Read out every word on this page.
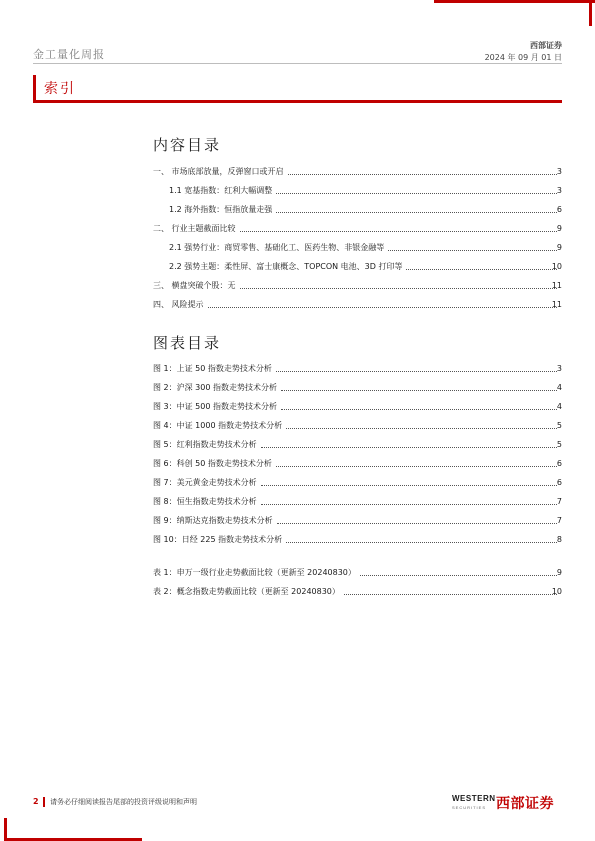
金工量化周报
西部证券
2024 年 09 月 01 日
索引
内容目录
一、 市场底部放量，反弹窗口或开启	3
1.1 宽基指数：红利大幅调整	3
1.2 海外指数：恒指放量走强	6
二、 行业主题截面比较	9
2.1 强势行业：商贸零售、基础化工、医药生物、非银金融等	9
2.2 强势主题：柔性屏、富士康概念、TOPCON 电池、3D 打印等	10
三、 横盘突破个股：无	11
四、 风险提示	11
图表目录
图 1：上证 50 指数走势技术分析	3
图 2：沪深 300 指数走势技术分析	4
图 3：中证 500 指数走势技术分析	4
图 4：中证 1000 指数走势技术分析	5
图 5：红利指数走势技术分析	5
图 6：科创 50 指数走势技术分析	6
图 7：美元黄金走势技术分析	6
图 8：恒生指数走势技术分析	7
图 9：纳斯达克指数走势技术分析	7
图 10：日经 225 指数走势技术分析	8
表 1：申万一级行业走势截面比较（更新至 20240830）	9
表 2：概念指数走势截面比较（更新至 20240830）	10
2 请务必仔细阅读报告尾部的投资评级说明和声明	WESTERN
SECURITIES 西部证券
